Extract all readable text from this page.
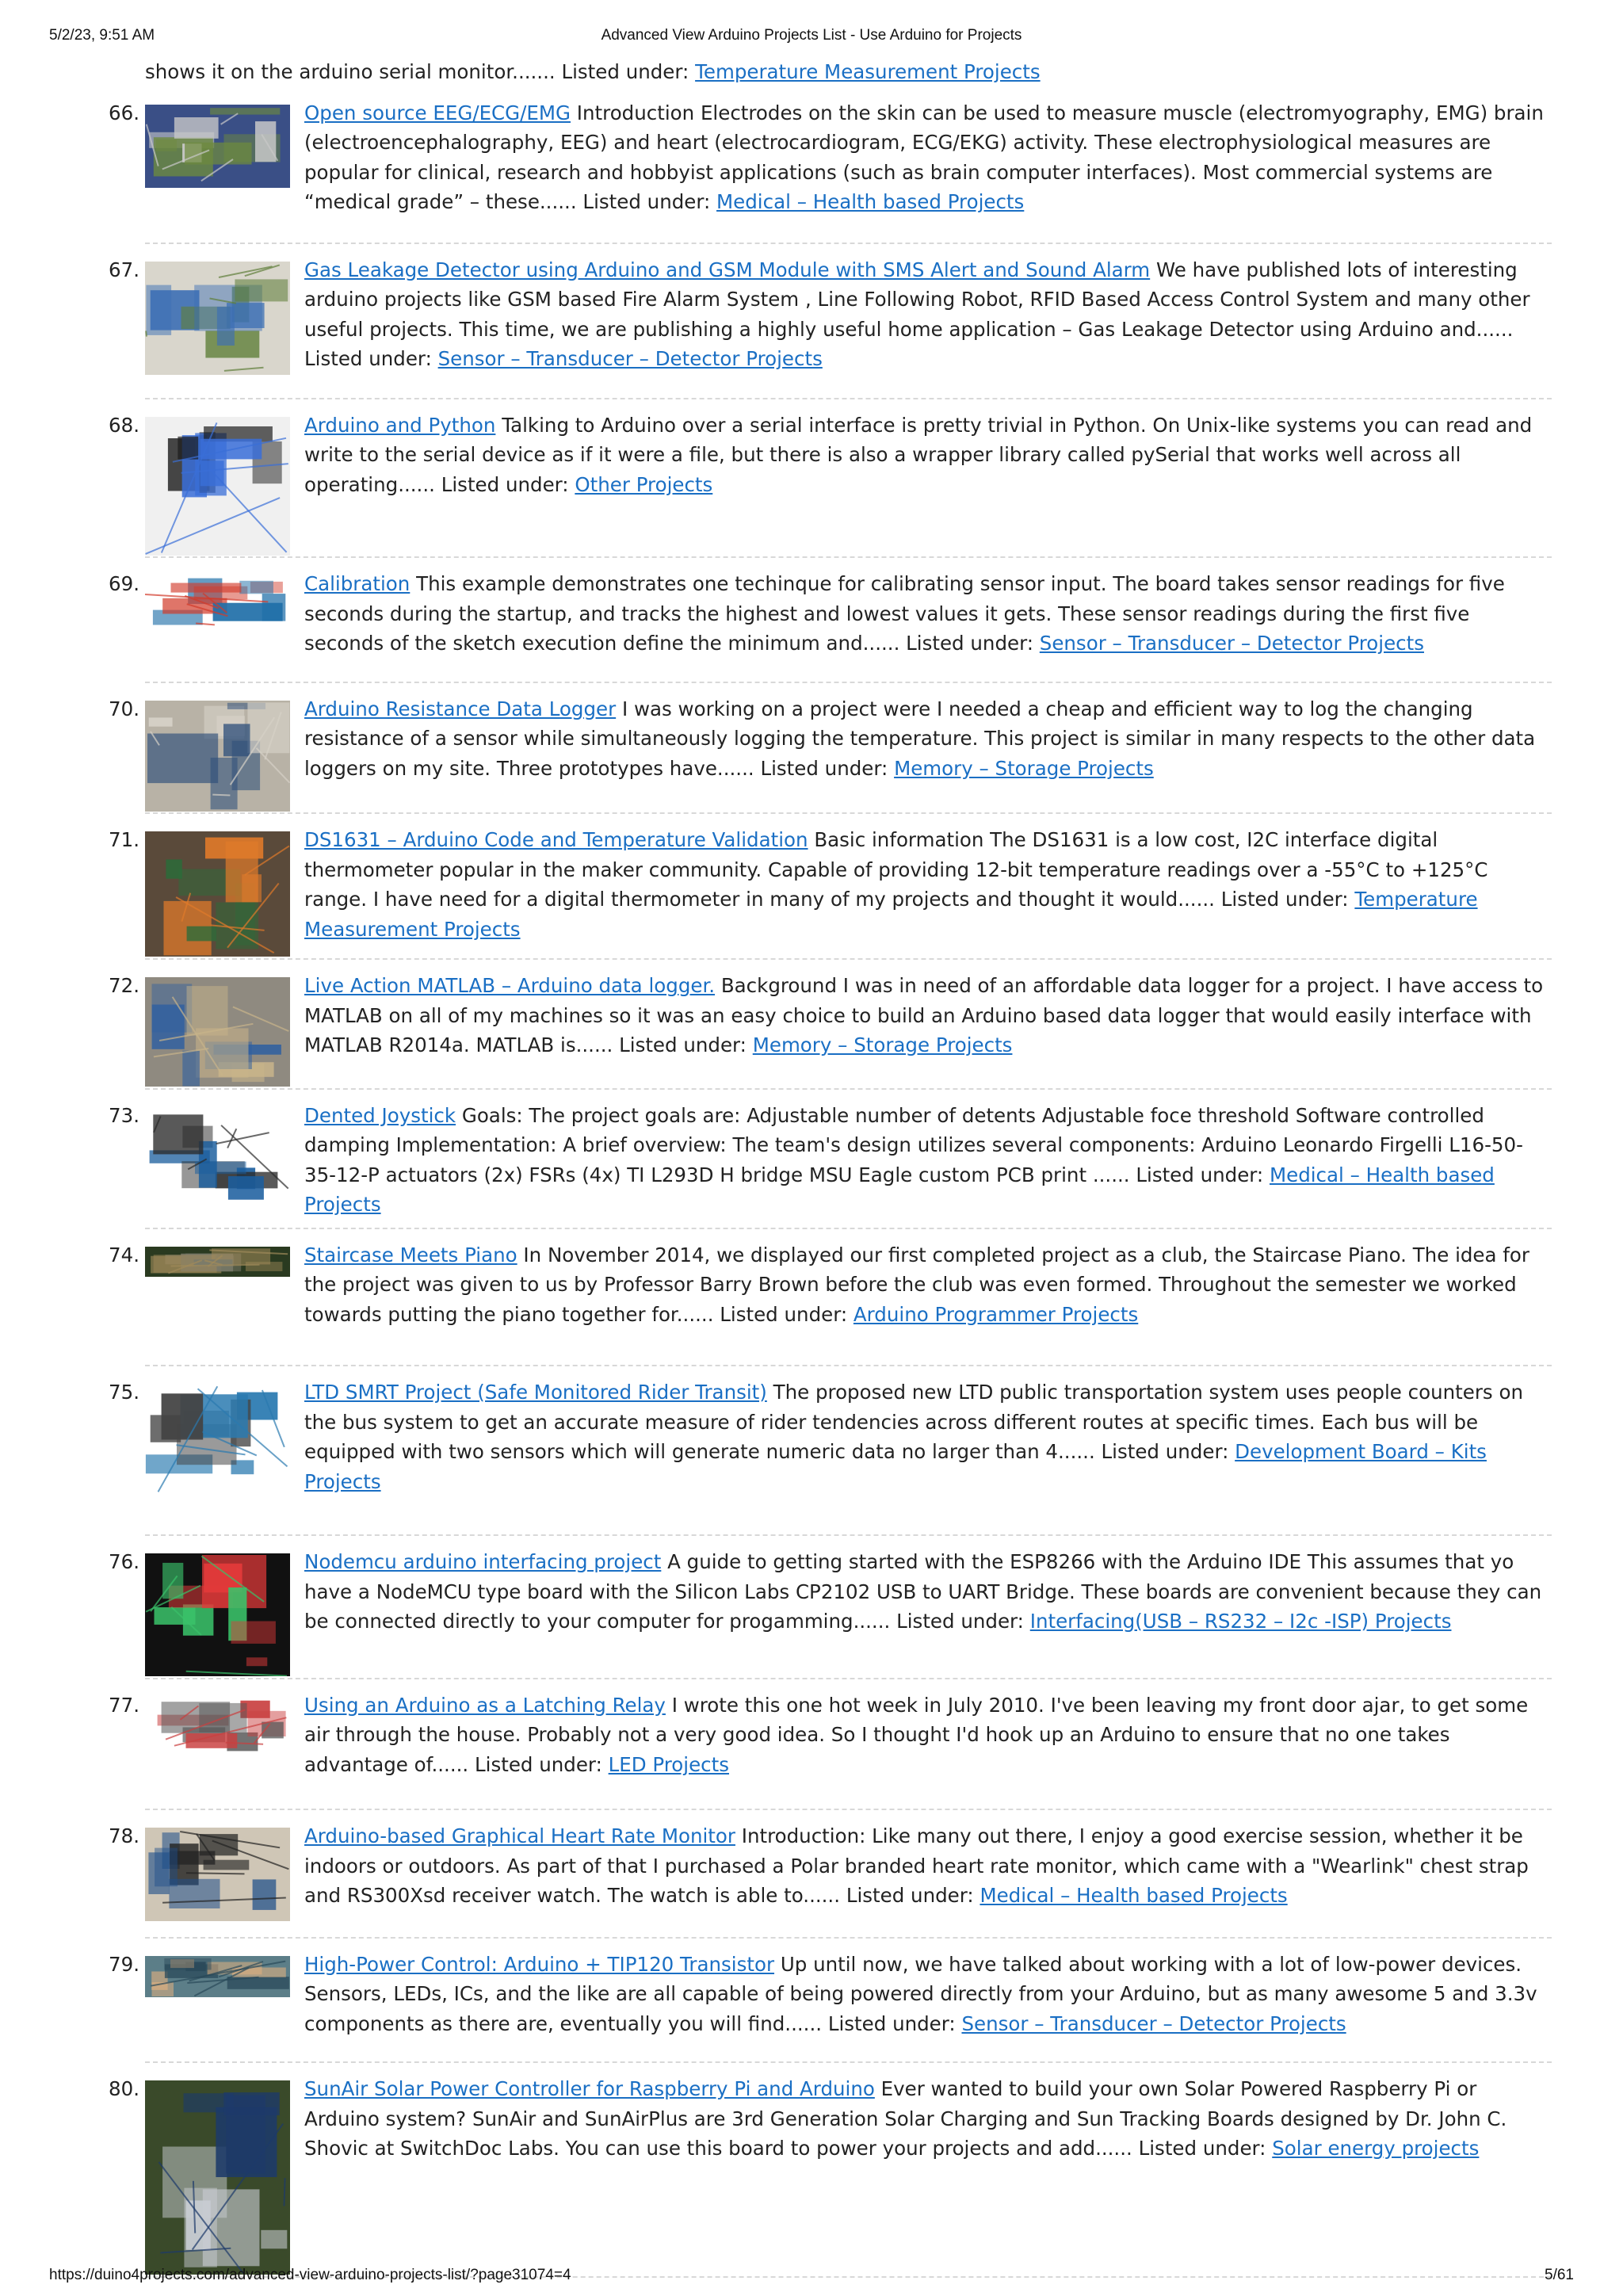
5/2/23, 9:51 AM	Advanced View Arduino Projects List - Use Arduino for Projects

shows it on the arduino serial monitor....... Listed under: Temperature Measurement Projects

66.	Open source EEG/ECG/EMG Introduction Electrodes on the skin can be used to measure muscle (electromyography, EMG) brain (electroencephalography, EEG) and heart (electrocardiogram, ECG/EKG) activity. These electrophysiological measures are popular for clinical, research and hobbyist applications (such as brain computer interfaces). Most commercial systems are “medical grade” – these...... Listed under: Medical – Health based Projects

67.	Gas Leakage Detector using Arduino and GSM Module with SMS Alert and Sound Alarm We have published lots of interesting arduino projects like GSM based Fire Alarm System , Line Following Robot, RFID Based Access Control System and many other useful projects. This time, we are publishing a highly useful home application – Gas Leakage Detector using Arduino and...... Listed under: Sensor – Transducer – Detector Projects

68.	Arduino and Python Talking to Arduino over a serial interface is pretty trivial in Python. On Unix-like systems you can read and write to the serial device as if it were a file, but there is also a wrapper library called pySerial that works well across all operating...... Listed under: Other Projects

69.	Calibration This example demonstrates one techinque for calibrating sensor input. The board takes sensor readings for five seconds during the startup, and tracks the highest and lowest values it gets. These sensor readings during the first five seconds of the sketch execution define the minimum and...... Listed under: Sensor – Transducer – Detector Projects

70.	Arduino Resistance Data Logger I was working on a project were I needed a cheap and efficient way to log the changing resistance of a sensor while simultaneously logging the temperature. This project is similar in many respects to the other data loggers on my site. Three prototypes have...... Listed under: Memory – Storage Projects

71.	DS1631 – Arduino Code and Temperature Validation Basic information The DS1631 is a low cost, I2C interface digital thermometer popular in the maker community. Capable of providing 12-bit temperature readings over a -55°C to +125°C range. I have need for a digital thermometer in many of my projects and thought it would...... Listed under: Temperature Measurement Projects

72.	Live Action MATLAB – Arduino data logger. Background I was in need of an affordable data logger for a project. I have access to MATLAB on all of my machines so it was an easy choice to build an Arduino based data logger that would easily interface with MATLAB R2014a. MATLAB is...... Listed under: Memory – Storage Projects

73.	Dented Joystick Goals: The project goals are: Adjustable number of detents Adjustable foce threshold Software controlled damping Implementation: A brief overview: The team's design utilizes several components: Arduino Leonardo Firgelli L16-50-35-12-P actuators (2x) FSRs (4x) TI L293D H bridge MSU Eagle custom PCB print ...... Listed under: Medical – Health based Projects

74.	Staircase Meets Piano In November 2014, we displayed our first completed project as a club, the Staircase Piano. The idea for the project was given to us by Professor Barry Brown before the club was even formed. Throughout the semester we worked towards putting the piano together for...... Listed under: Arduino Programmer Projects

75.	LTD SMRT Project (Safe Monitored Rider Transit) The proposed new LTD public transportation system uses people counters on the bus system to get an accurate measure of rider tendencies across different routes at specific times. Each bus will be equipped with two sensors which will generate numeric data no larger than 4...... Listed under: Development Board – Kits Projects

76.	Nodemcu arduino interfacing project A guide to getting started with the ESP8266 with the Arduino IDE This assumes that yo have a NodeMCU type board with the Silicon Labs CP2102 USB to UART Bridge. These boards are convenient because they can be connected directly to your computer for progamming...... Listed under: Interfacing(USB – RS232 – I2c -ISP) Projects

77.	Using an Arduino as a Latching Relay I wrote this one hot week in July 2010. I've been leaving my front door ajar, to get some air through the house. Probably not a very good idea. So I thought I'd hook up an Arduino to ensure that no one takes advantage of...... Listed under: LED Projects

78.	Arduino-based Graphical Heart Rate Monitor Introduction: Like many out there, I enjoy a good exercise session, whether it be indoors or outdoors. As part of that I purchased a Polar branded heart rate monitor, which came with a "Wearlink" chest strap and RS300Xsd receiver watch. The watch is able to...... Listed under: Medical – Health based Projects

79.	High-Power Control: Arduino + TIP120 Transistor Up until now, we have talked about working with a lot of low-power devices. Sensors, LEDs, ICs, and the like are all capable of being powered directly from your Arduino, but as many awesome 5 and 3.3v components as there are, eventually you will find...... Listed under: Sensor – Transducer – Detector Projects

80.	SunAir Solar Power Controller for Raspberry Pi and Arduino Ever wanted to build your own Solar Powered Raspberry Pi or Arduino system? SunAir and SunAirPlus are 3rd Generation Solar Charging and Sun Tracking Boards designed by Dr. John C. Shovic at SwitchDoc Labs. You can use this board to power your projects and add...... Listed under: Solar energy projects

https://duino4projects.com/advanced-view-arduino-projects-list/?page31074=4	5/61
